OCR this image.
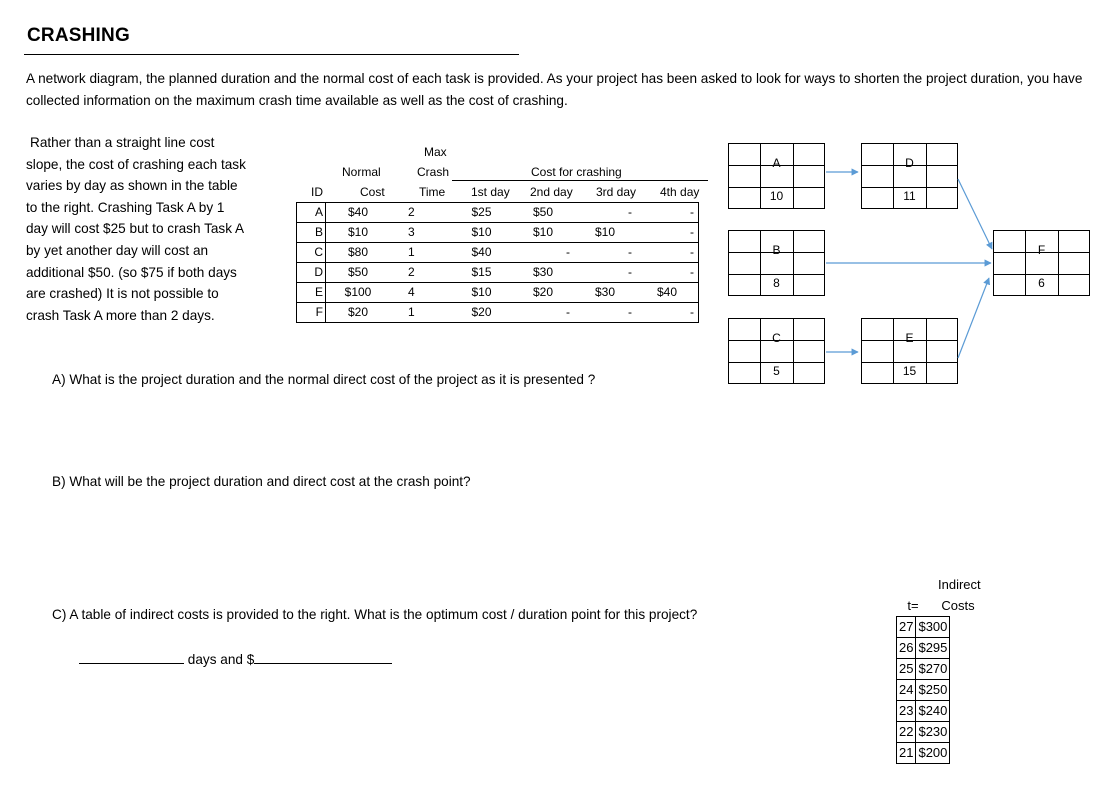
CRASHING
A network diagram, the planned duration and the normal cost of each task is provided. As your project has been asked to look for ways to shorten the project duration, you have collected information on the maximum crash time available as well as the cost of crashing.
Rather than a straight line cost
slope, the cost of crashing each task
varies by day as shown in the table
to the right. Crashing Task A by 1
day will cost $25 but to crash Task A
by yet another day will cost an
additional $50. (so $75 if both days
are crashed) It is not possible to
crash Task A more than 2 days.
Max
Normal	Crash	Cost for crashing
ID	Cost	Time 1st day 2nd day 3rd day 4th day
A	$40	2	$25	$50	-	-
B	$10	3	$10	$10	$10	-
C	$80	1	$40	-	-	-
D	$50	2	$15	$30	-	-
E	$100	4	$10	$20	$30	$40
F	$20	1	$20	-	-	-
A
10
B
8
C
5
D
11
E
15
F
6
A) What is the project duration and the normal direct cost of the project as it is presented ?
B) What will be the project duration and direct cost at the crash point?
C) A table of indirect costs is provided to the right. What is the optimum cost / duration point for this project?
days and $
Indirect
t= Costs
27	$300
26	$295
25	$270
24	$250
23	$240
22	$230
21	$200
